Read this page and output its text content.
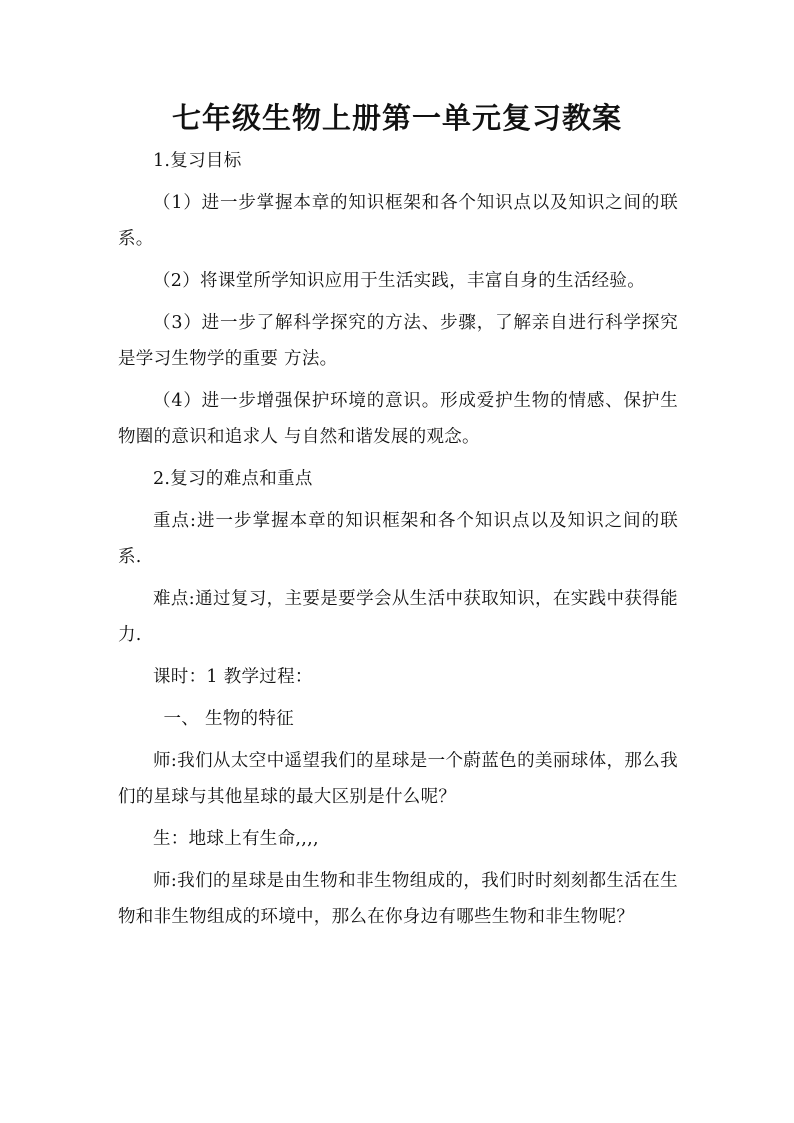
七年级生物上册第一单元复习教案

1.复习目标

（1）进一步掌握本章的知识框架和各个知识点以及知识之间的联系。

（2）将课堂所学知识应用于生活实践，丰富自身的生活经验。

（3）进一步了解科学探究的方法、步骤，了解亲自进行科学探究是学习生物学的重要 方法。

（4）进一步增强保护环境的意识。形成爱护生物的情感、保护生物圈的意识和追求人 与自然和谐发展的观念。

2.复习的难点和重点

重点:进一步掌握本章的知识框架和各个知识点以及知识之间的联系.

难点:通过复习，主要是要学会从生活中获取知识，在实践中获得能力.

课时：1 教学过程：

一、 生物的特征

师:我们从太空中遥望我们的星球是一个蔚蓝色的美丽球体，那么我们的星球与其他星球的最大区别是什么呢？

生：地球上有生命,,,,

师:我们的星球是由生物和非生物组成的，我们时时刻刻都生活在生物和非生物组成的环境中，那么在你身边有哪些生物和非生物呢？
